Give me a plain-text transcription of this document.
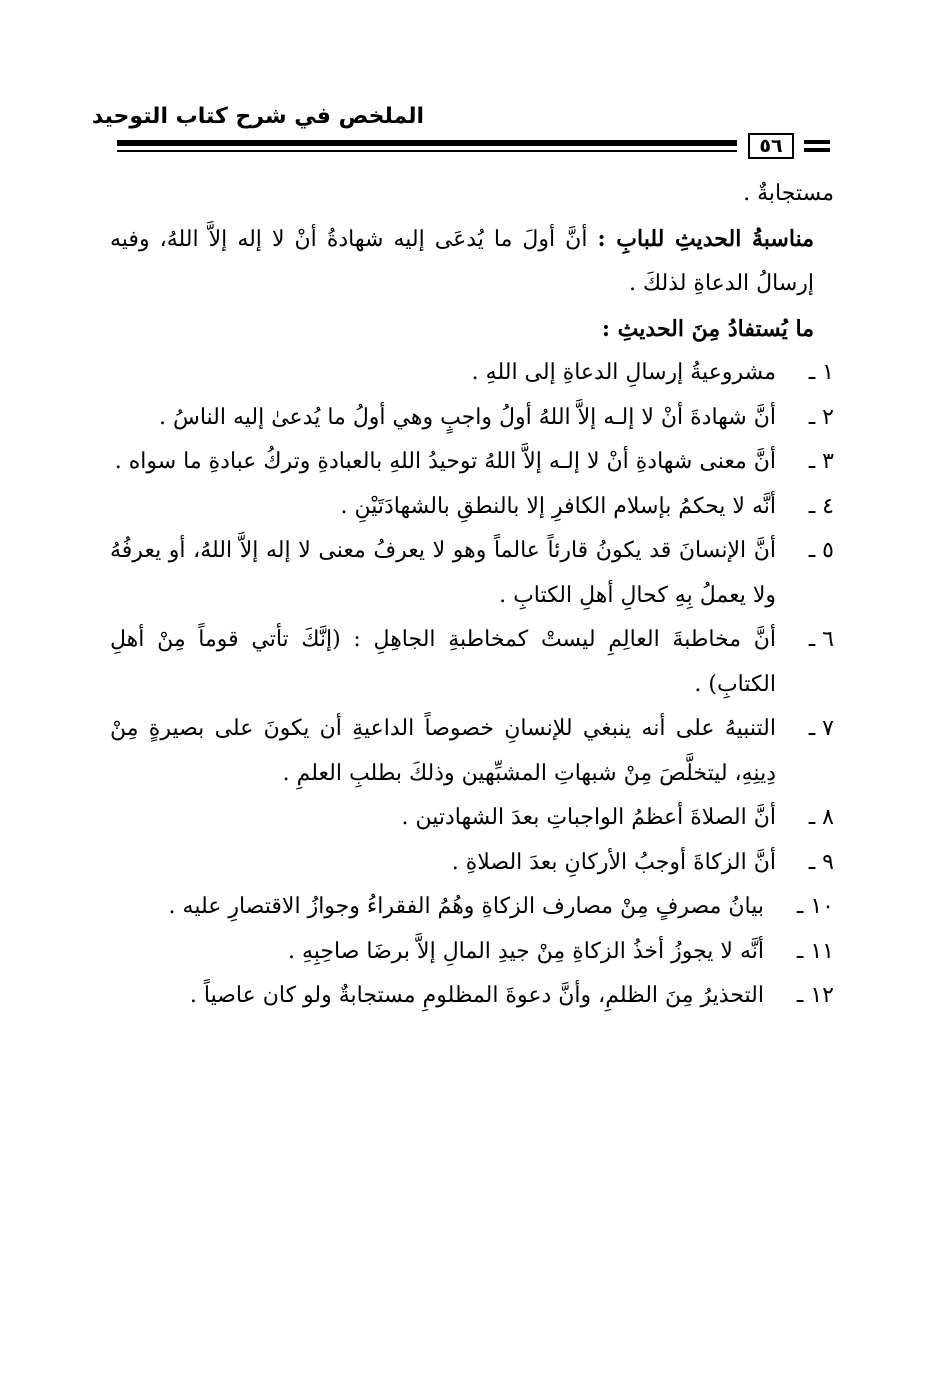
الملخص في شرح كتاب التوحيد
٥٦

مستجابةٌ .

مناسبةُ الحديثِ للبابِ : أنَّ أولَ ما يُدعَى إليه شهادةُ أنْ لا إله إلاَّ اللهُ، وفيه إرسالُ الدعاةِ لذلكَ .

ما يُستفادُ مِنَ الحديثِ :

١ ـ
مشروعيةُ إرسالِ الدعاةِ إلى اللهِ .

٢ ـ
أنَّ شهادةَ أنْ لا إلـه إلاَّ اللهُ أولُ واجبٍ وهي أولُ ما يُدعىٰ إليه الناسُ .

٣ ـ
أنَّ معنى شهادةِ أنْ لا إلـه إلاَّ اللهُ توحيدُ اللهِ بالعبادةِ وتركُ عبادةِ ما سواه .

٤ ـ
أنَّه لا يحكمُ بإسلام الكافرِ إلا بالنطقِ بالشهادَتَيْنِ .

٥ ـ
أنَّ الإنسانَ قد يكونُ قارئاً عالماً وهو لا يعرفُ معنى لا إله إلاَّ اللهُ، أو يعرفُهُ ولا يعملُ بِهِ كحالِ أهلِ الكتابِ .

٦ ـ
أنَّ مخاطبةَ العالِمِ ليستْ كمخاطبةِ الجاهِلِ : (إنَّكَ تأتي قوماً مِنْ أهلِ الكتابِ) .

٧ ـ
التنبيهُ على أنه ينبغي للإنسانِ خصوصاً الداعيةِ أن يكونَ على بصيرةٍ مِنْ دِينِهِ، ليتخلَّصَ مِنْ شبهاتِ المشبِّهين وذلكَ بطلبِ العلمِ .

٨ ـ
أنَّ الصلاةَ أعظمُ الواجباتِ بعدَ الشهادتين .

٩ ـ
أنَّ الزكاةَ أوجبُ الأركانِ بعدَ الصلاةِ .

١٠ ـ
بيانُ مصرفٍ مِنْ مصارف الزكاةِ وهُمُ الفقراءُ وجوازُ الاقتصارِ عليه .

١١ ـ
أنَّه لا يجوزُ أخذُ الزكاةِ مِنْ جيدِ المالِ إلاَّ برضَا صاحِبِهِ .

١٢ ـ
التحذيرُ مِنَ الظلمِ، وأنَّ دعوةَ المظلومِ مستجابةٌ ولو كان عاصياً .
